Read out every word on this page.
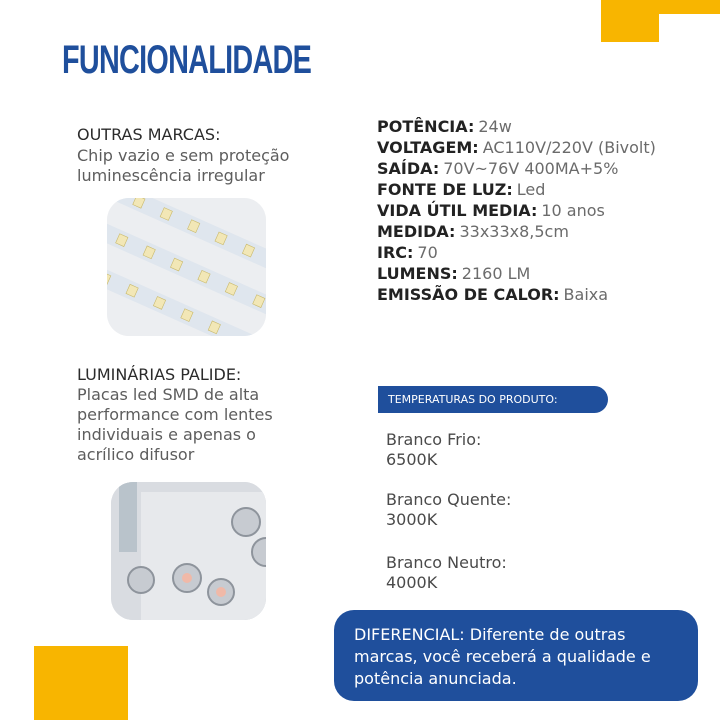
FUNCIONALIDADE
OUTRAS MARCAS:
Chip vazio e sem proteção
luminescência irregular
LUMINÁRIAS PALIDE:
Placas led SMD de alta
performance com lentes
individuais e apenas o
acrílico difusor
POTÊNCIA: 24w
VOLTAGEM: AC110V/220V (Bivolt)
SAÍDA: 70V~76V 400MA+5%
FONTE DE LUZ: Led
VIDA ÚTIL MEDIA: 10 anos
MEDIDA: 33x33x8,5cm
IRC: 70
LUMENS: 2160 LM
EMISSÃO DE CALOR: Baixa
TEMPERATURAS DO PRODUTO:
Branco Frio:
6500K
Branco Quente:
3000K
Branco Neutro:
4000K
DIFERENCIAL: Diferente de outras
marcas, você receberá a qualidade e
potência anunciada.
